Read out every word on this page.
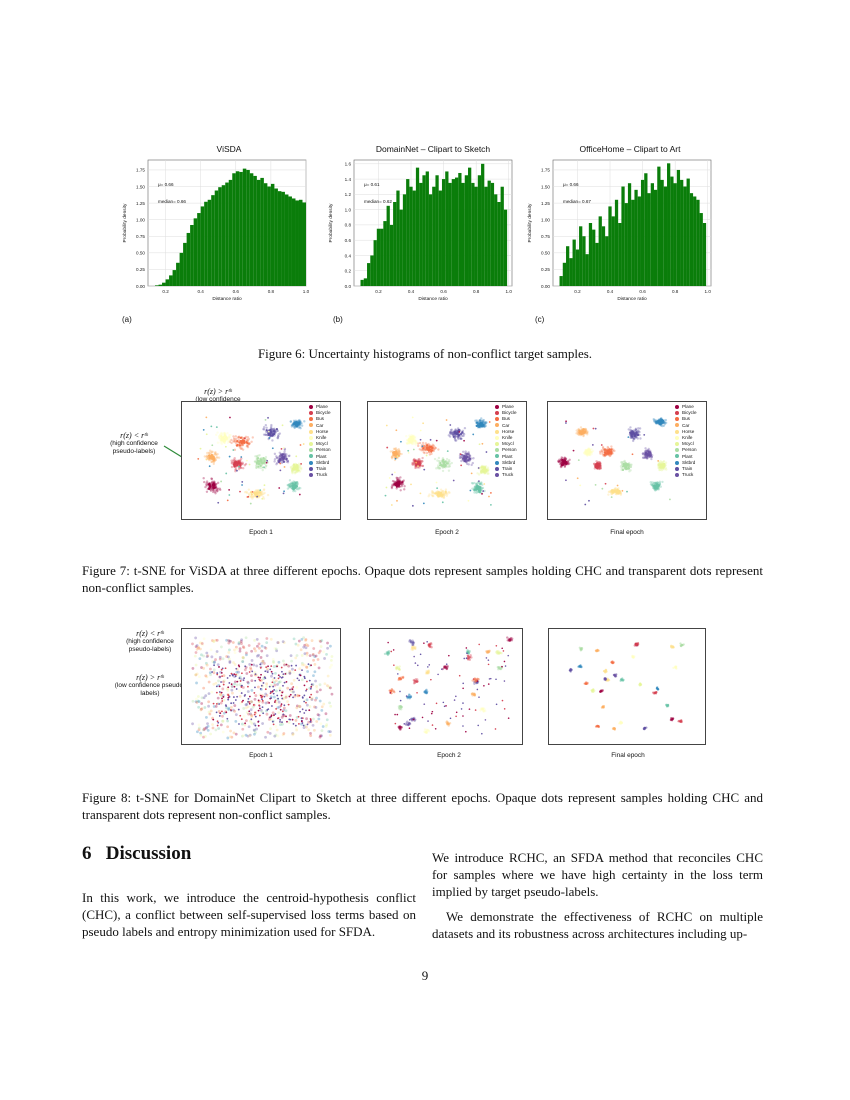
ViSDA	DomainNet – Clipart to Sketch	OfficeHome – Clipart to Art
0.00
0.25
0.50
0.75
1.00
1.25
1.50
1.75
0.2	0.4	0.6	0.8	1.0
μ= 0.66
median= 0.66
Distance ratio
Probability density
0.0
0.2
0.4
0.6
0.8
1.0
1.2
1.4
1.6
0.2	0.4	0.6	0.8	1.0
μ= 0.61
median= 0.62
Distance ratio
Probability density
0.00
0.25
0.50
0.75
1.00
1.25
1.50
1.75
0.2	0.4	0.6	0.8	1.0
μ= 0.66
median= 0.67
Distance ratio
Probability density
(a)	(b)	(c)
Figure 6: Uncertainty histograms of non-conflict target samples.
r(z) > rᵗʰ
(low confidence pseudo-labels)
r(z) < rᵗʰ
(high confidence pseudo-labels)
Plane
Bicycle
Bus
Car
Horse
Knife
Mcycl
Person
Plant
Sktbrd
Train
Truck
Plane
Bicycle
Bus
Car
Horse
Knife
Mcycl
Person
Plant
Sktbrd
Train
Truck
Plane
Bicycle
Bus
Car
Horse
Knife
Mcycl
Person
Plant
Sktbrd
Train
Truck
Epoch 1	Epoch 2	Final epoch
Figure 7: t-SNE for ViSDA at three different epochs. Opaque dots represent samples holding CHC and transparent dots represent non-conflict samples.
r(z) < rᵗʰ
(high confidence pseudo-labels)
r(z) > rᵗʰ
(low confidence pseudo-labels)
Epoch 1	Epoch 2	Final epoch
Figure 8: t-SNE for DomainNet Clipart to Sketch at three different epochs. Opaque dots represent samples holding CHC and transparent dots represent non-conflict samples.
6 Discussion
In this work, we introduce the centroid-hypothesis conflict (CHC), a conflict between self-supervised loss terms based on pseudo labels and entropy minimization used for SFDA.
We introduce RCHC, an SFDA method that reconciles CHC for samples where we have high certainty in the loss term implied by target pseudo-labels.
We demonstrate the effectiveness of RCHC on multiple datasets and its robustness across architectures including up-
9
